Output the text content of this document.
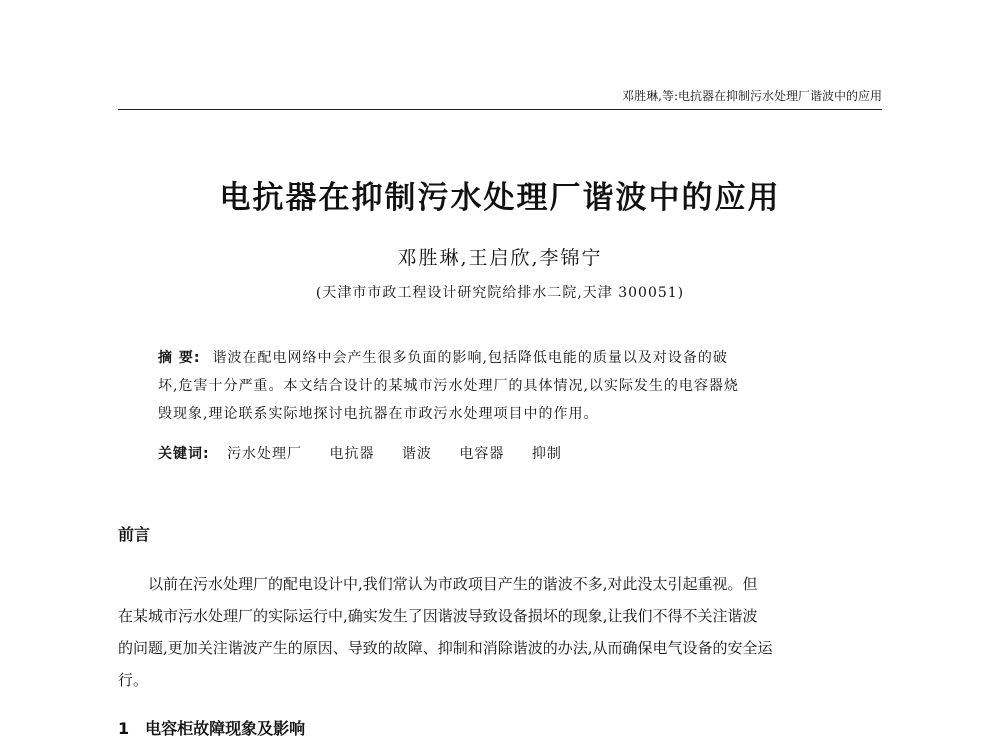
邓胜琳,等:电抗器在抑制污水处理厂谐波中的应用
电抗器在抑制污水处理厂谐波中的应用
邓胜琳,王启欣,李锦宁
(天津市市政工程设计研究院给排水二院,天津 300051)
摘 要: 谐波在配电网络中会产生很多负面的影响,包括降低电能的质量以及对设备的破
坏,危害十分严重。本文结合设计的某城市污水处理厂的具体情况,以实际发生的电容器烧
毁现象,理论联系实际地探讨电抗器在市政污水处理项目中的作用。
关键词: 污水处理厂 电抗器 谐波 电容器 抑制
前言
以前在污水处理厂的配电设计中,我们常认为市政项目产生的谐波不多,对此没太引起重视。但
在某城市污水处理厂的实际运行中,确实发生了因谐波导致设备损坏的现象,让我们不得不关注谐波
的问题,更加关注谐波产生的原因、导致的故障、抑制和消除谐波的办法,从而确保电气设备的安全运
行。
1 电容柜故障现象及影响
